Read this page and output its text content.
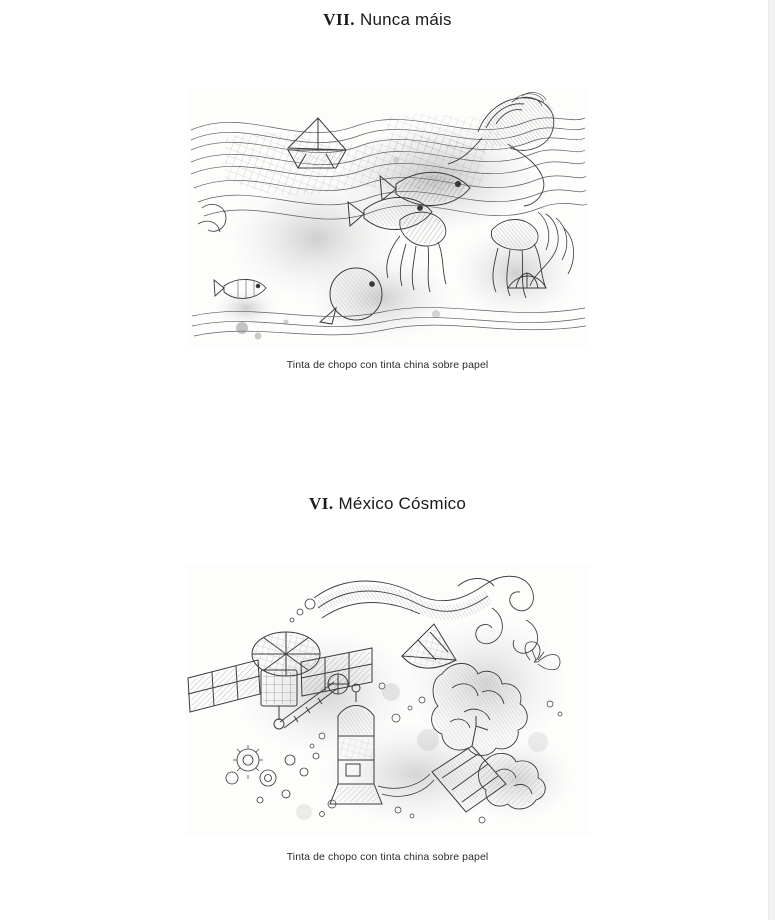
VII. Nunca máis
Tinta de chopo con tinta china sobre papel
VI. México Cósmico
Tinta de chopo con tinta china sobre papel
